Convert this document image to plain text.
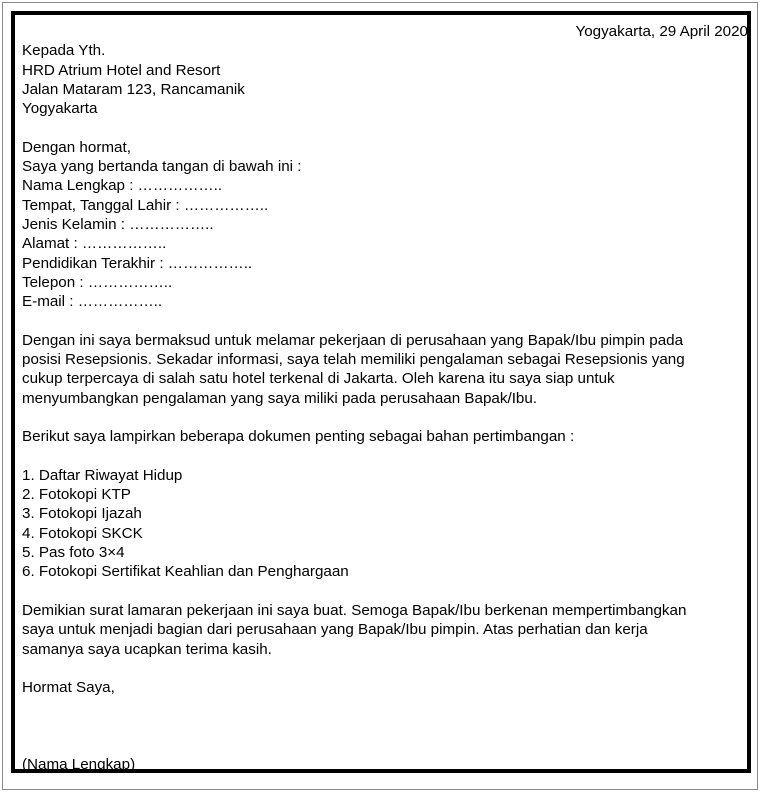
Yogyakarta, 29 April 2020
Kepada Yth.
HRD Atrium Hotel and Resort
Jalan Mataram 123, Rancamanik
Yogyakarta
Dengan hormat,
Saya yang bertanda tangan di bawah ini :
Nama Lengkap : ……………..
Tempat, Tanggal Lahir : ……………..
Jenis Kelamin : ……………..
Alamat : ……………..
Pendidikan Terakhir : ……………..
Telepon : ……………..
E-mail : ……………..
Dengan ini saya bermaksud untuk melamar pekerjaan di perusahaan yang Bapak/Ibu pimpin pada
posisi Resepsionis. Sekadar informasi, saya telah memiliki pengalaman sebagai Resepsionis yang
cukup terpercaya di salah satu hotel terkenal di Jakarta. Oleh karena itu saya siap untuk
menyumbangkan pengalaman yang saya miliki pada perusahaan Bapak/Ibu.
Berikut saya lampirkan beberapa dokumen penting sebagai bahan pertimbangan :
1. Daftar Riwayat Hidup
2. Fotokopi KTP
3. Fotokopi Ijazah
4. Fotokopi SKCK
5. Pas foto 3×4
6. Fotokopi Sertifikat Keahlian dan Penghargaan
Demikian surat lamaran pekerjaan ini saya buat. Semoga Bapak/Ibu berkenan mempertimbangkan
saya untuk menjadi bagian dari perusahaan yang Bapak/Ibu pimpin. Atas perhatian dan kerja
samanya saya ucapkan terima kasih.
Hormat Saya,
(Nama Lengkap)
